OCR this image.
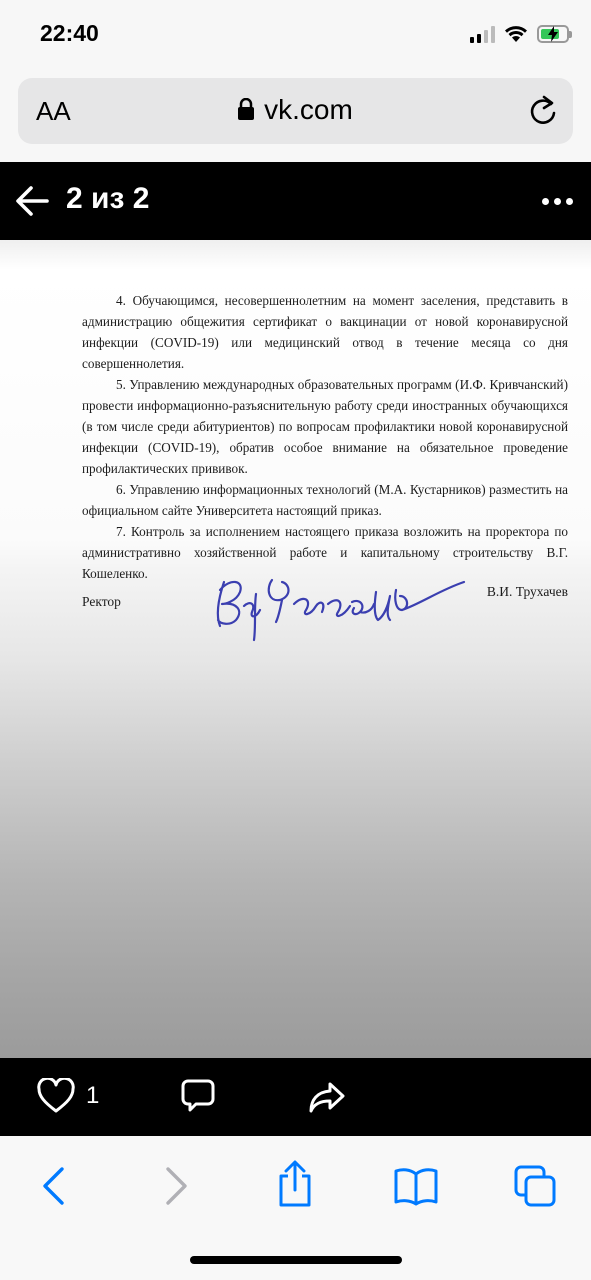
22:40
AA	vk.com
2 из 2

4. Обучающимся, несовершеннолетним на момент заселения, представить в администрацию общежития сертификат о вакцинации от новой коронавирусной инфекции (COVID-19) или медицинский отвод в течение месяца со дня совершеннолетия.

5. Управлению международных образовательных программ (И.Ф. Кривчанский) провести информационно-разъяснительную работу среди иностранных обучающихся (в том числе среди абитуриентов) по вопросам профилактики новой коронавирусной инфекции (COVID-19), обратив особое внимание на обязательное проведение профилактических прививок.

6. Управлению информационных технологий (М.А. Кустарников) разместить на официальном сайте Университета настоящий приказ.

7. Контроль за исполнением настоящего приказа возложить на проректора по административно хозяйственной работе и капитальному строительству В.Г. Кошеленко.

Ректор
В.И. Трухачев
1
